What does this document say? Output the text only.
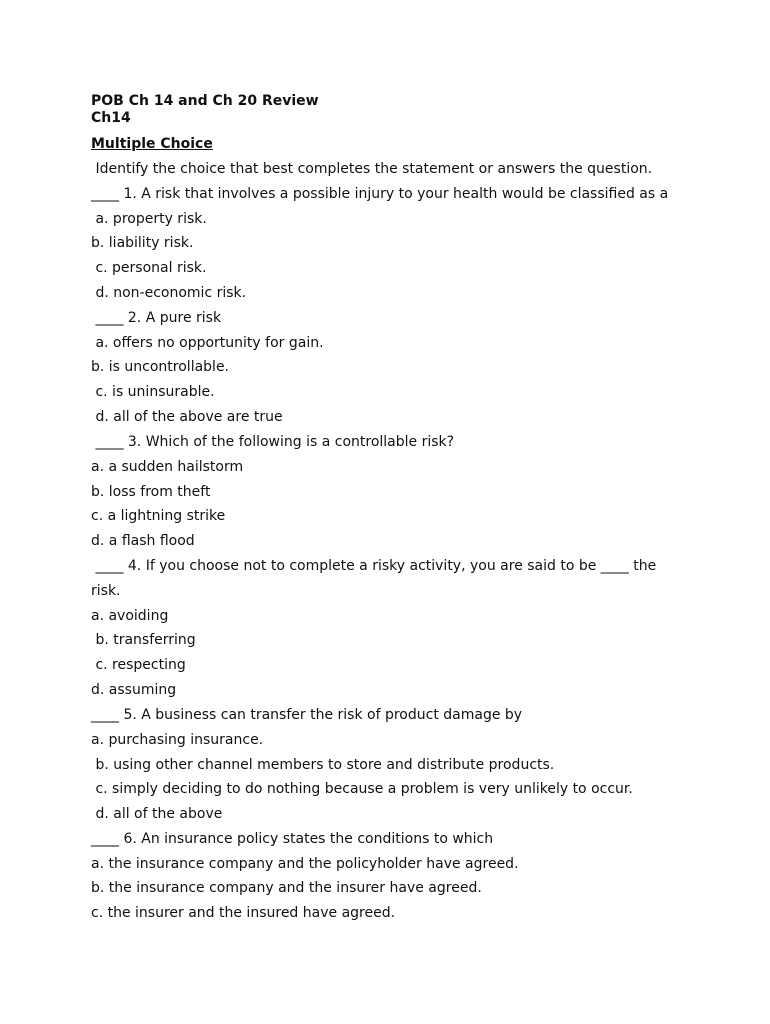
POB Ch 14 and Ch 20 Review
Ch14
Multiple Choice
Identify the choice that best completes the statement or answers the question.
____ 1. A risk that involves a possible injury to your health would be classified as a
a. property risk.
b. liability risk.
c. personal risk.
d. non-economic risk.
____ 2. A pure risk
a. offers no opportunity for gain.
b. is uncontrollable.
c. is uninsurable.
d. all of the above are true
____ 3. Which of the following is a controllable risk?
a. a sudden hailstorm
b. loss from theft
c. a lightning strike
d. a flash flood
____ 4. If you choose not to complete a risky activity, you are said to be ____ the
risk.
a. avoiding
b. transferring
c. respecting
d. assuming
____ 5. A business can transfer the risk of product damage by
a. purchasing insurance.
b. using other channel members to store and distribute products.
c. simply deciding to do nothing because a problem is very unlikely to occur.
d. all of the above
____ 6. An insurance policy states the conditions to which
a. the insurance company and the policyholder have agreed.
b. the insurance company and the insurer have agreed.
c. the insurer and the insured have agreed.
